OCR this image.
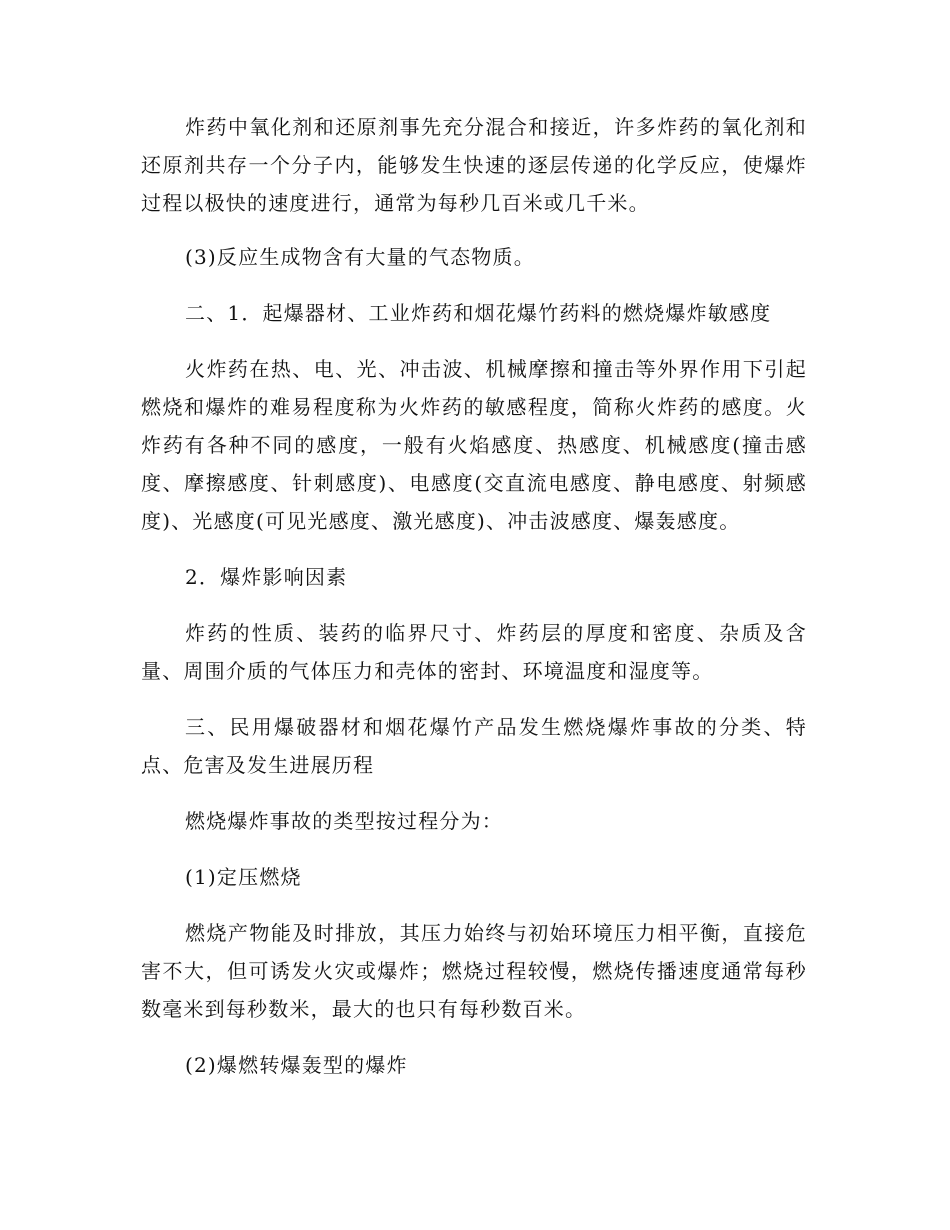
炸药中氧化剂和还原剂事先充分混合和接近，许多炸药的氧化剂和还原剂共存一个分子内，能够发生快速的逐层传递的化学反应，使爆炸过程以极快的速度进行，通常为每秒几百米或几千米。

(3)反应生成物含有大量的气态物质。

二、1．起爆器材、工业炸药和烟花爆竹药料的燃烧爆炸敏感度

火炸药在热、电、光、冲击波、机械摩擦和撞击等外界作用下引起燃烧和爆炸的难易程度称为火炸药的敏感程度，简称火炸药的感度。火炸药有各种不同的感度，一般有火焰感度、热感度、机械感度(撞击感度、摩擦感度、针刺感度)、电感度(交直流电感度、静电感度、射频感度)、光感度(可见光感度、激光感度)、冲击波感度、爆轰感度。

2．爆炸影响因素

炸药的性质、装药的临界尺寸、炸药层的厚度和密度、杂质及含量、周围介质的气体压力和壳体的密封、环境温度和湿度等。

三、民用爆破器材和烟花爆竹产品发生燃烧爆炸事故的分类、特点、危害及发生进展历程

燃烧爆炸事故的类型按过程分为：

(1)定压燃烧

燃烧产物能及时排放，其压力始终与初始环境压力相平衡，直接危害不大，但可诱发火灾或爆炸；燃烧过程较慢，燃烧传播速度通常每秒数毫米到每秒数米，最大的也只有每秒数百米。

(2)爆燃转爆轰型的爆炸
